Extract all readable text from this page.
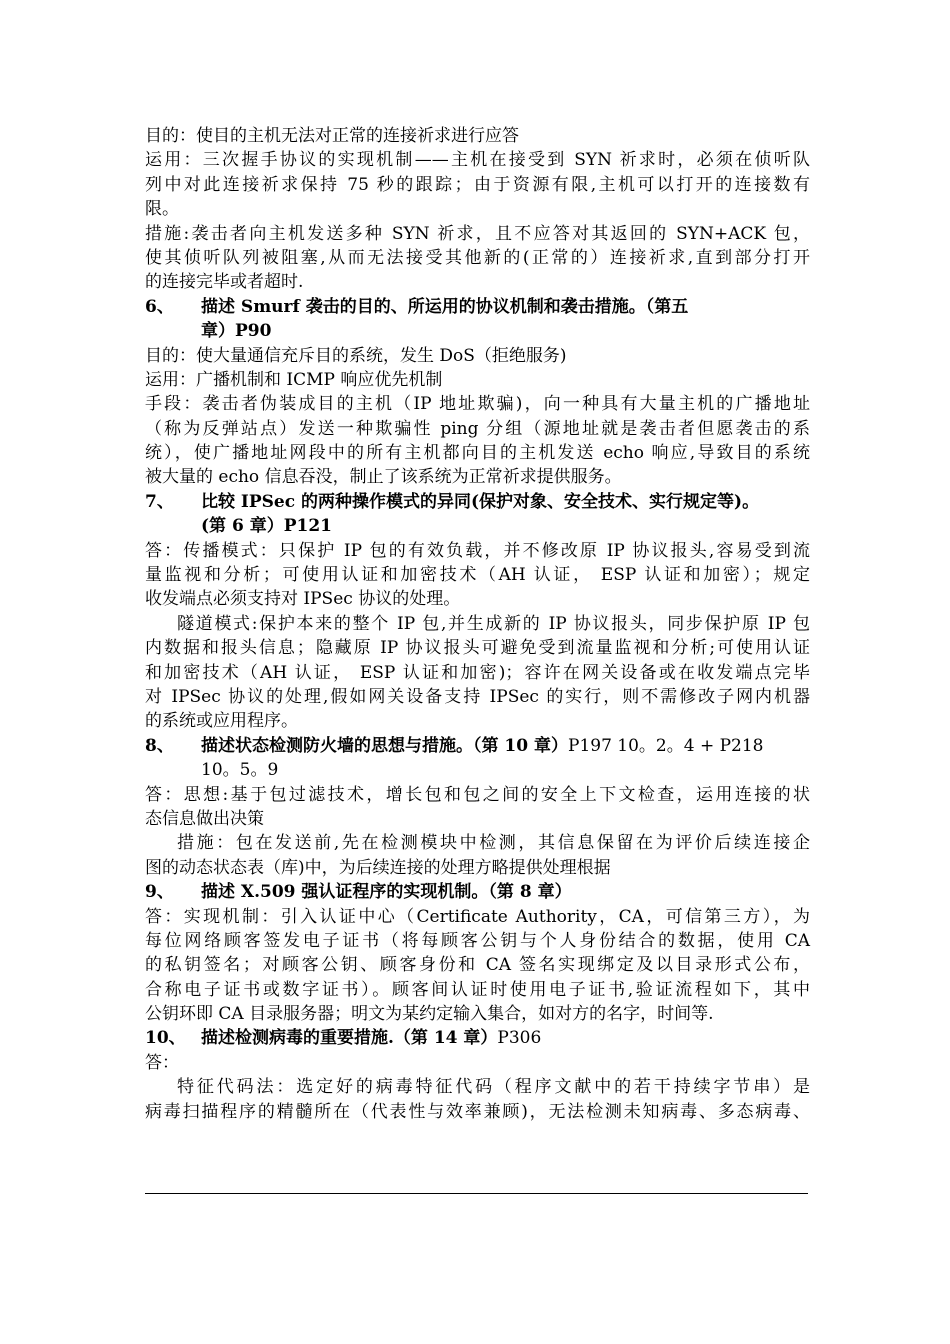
目的：使目的主机无法对正常的连接祈求进行应答
运用：三次握手协议的实现机制——主机在接受到 SYN 祈求时，必须在侦听队
列中对此连接祈求保持 75 秒的跟踪；由于资源有限,主机可以打开的连接数有
限。
措施:袭击者向主机发送多种 SYN 祈求，且不应答对其返回的 SYN+ACK 包，
使其侦听队列被阻塞,从而无法接受其他新的(正常的）连接祈求,直到部分打开
的连接完毕或者超时.
6、 描述 Smurf 袭击的目的、所运用的协议机制和袭击措施。（第五
章）P90
目的：使大量通信充斥目的系统，发生 DoS（拒绝服务)
运用：广播机制和 ICMP 响应优先机制
手段：袭击者伪装成目的主机（IP 地址欺骗)，向一种具有大量主机的广播地址
（称为反弹站点）发送一种欺骗性 ping 分组（源地址就是袭击者但愿袭击的系
统），使广播地址网段中的所有主机都向目的主机发送 echo 响应,导致目的系统
被大量的 echo 信息吞没，制止了该系统为正常祈求提供服务。
7、 比较 IPSec 的两种操作模式的异同(保护对象、安全技术、实行规定等)。
(第 6 章）P121
答：传播模式：只保护 IP 包的有效负载，并不修改原 IP 协议报头,容易受到流
量监视和分析；可使用认证和加密技术（AH 认证， ESP 认证和加密）；规定
收发端点必须支持对 IPSec 协议的处理。
隧道模式:保护本来的整个 IP 包,并生成新的 IP 协议报头，同步保护原 IP 包
内数据和报头信息；隐藏原 IP 协议报头可避免受到流量监视和分析;可使用认证
和加密技术（AH 认证， ESP 认证和加密)；容许在网关设备或在收发端点完毕
对 IPSec 协议的处理,假如网关设备支持 IPSec 的实行，则不需修改子网内机器
的系统或应用程序。
8、 描述状态检测防火墙的思想与措施。（第 10 章）P197 10。2。4 + P218
10。5。9
答：思想:基于包过滤技术，增长包和包之间的安全上下文检查，运用连接的状
态信息做出决策
措施：包在发送前,先在检测模块中检测，其信息保留在为评价后续连接企
图的动态状态表（库)中，为后续连接的处理方略提供处理根据
9、 描述 X.509 强认证程序的实现机制。（第 8 章）
答：实现机制：引入认证中心（Certificate Authority，CA，可信第三方），为
每位网络顾客签发电子证书（将每顾客公钥与个人身份结合的数据，使用 CA
的私钥签名；对顾客公钥、顾客身份和 CA 签名实现绑定及以目录形式公布，
合称电子证书或数字证书）。顾客间认证时使用电子证书,验证流程如下，其中
公钥环即 CA 目录服务器；明文为某约定输入集合，如对方的名字，时间等.
10、 描述检测病毒的重要措施.（第 14 章）P306
答：
特征代码法：选定好的病毒特征代码（程序文献中的若干持续字节串）是
病毒扫描程序的精髓所在（代表性与效率兼顾)，无法检测未知病毒、多态病毒、
